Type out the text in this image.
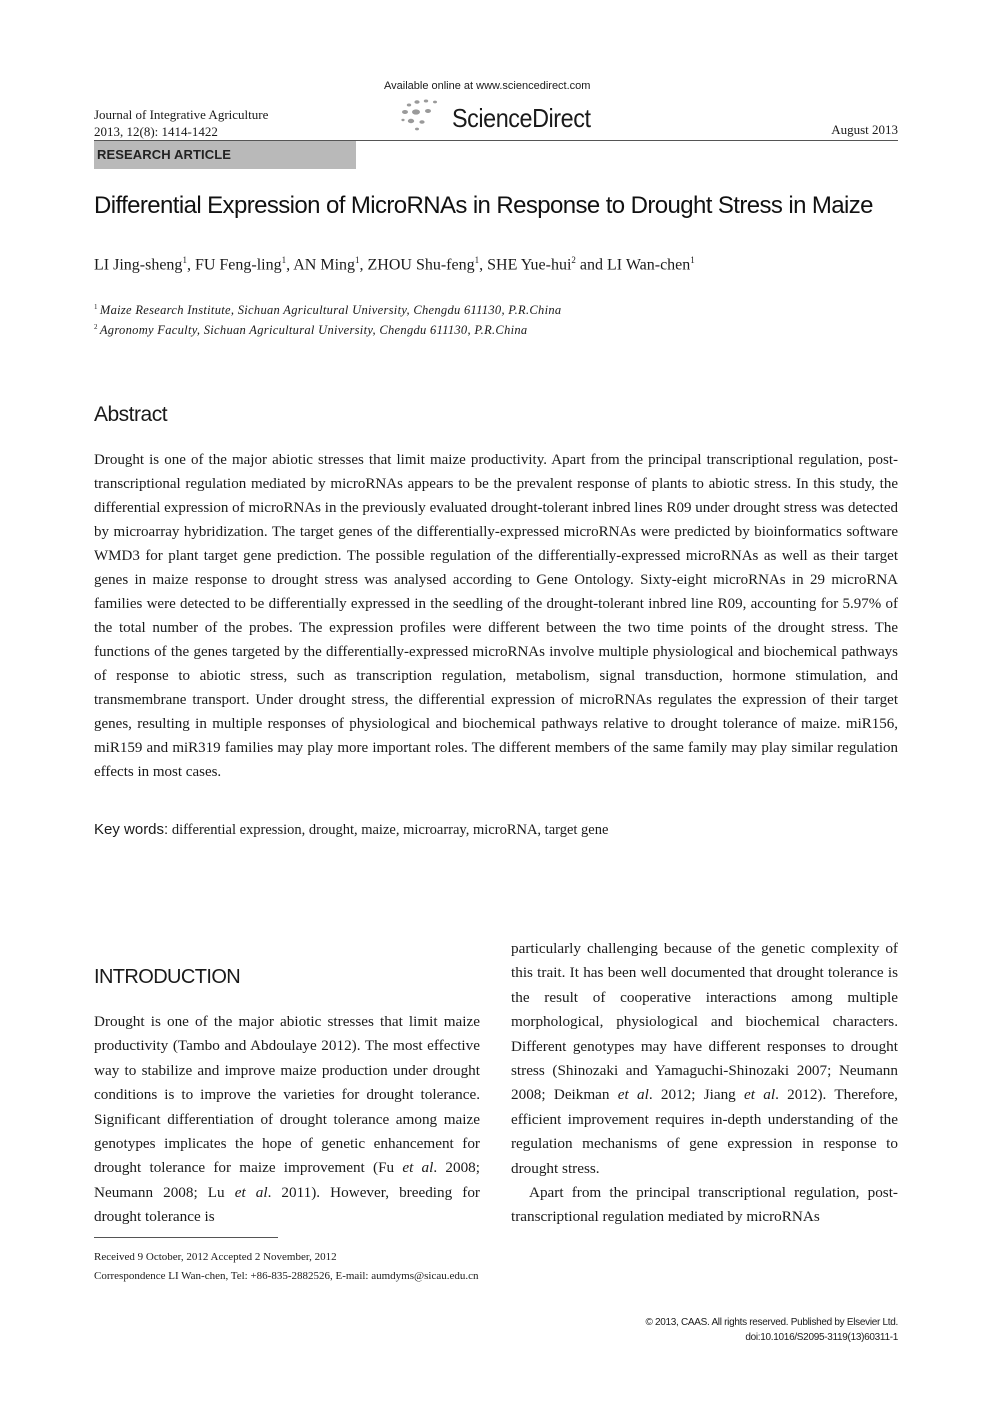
Journal of Integrative Agriculture
2013, 12(8): 1414-1422
Available online at www.sciencedirect.com
ScienceDirect	August 2013
RESEARCH ARTICLE
Differential Expression of MicroRNAs in Response to Drought Stress in Maize
LI Jing-sheng$^1$, FU Feng-ling$^1$, AN Ming$^1$, ZHOU Shu-feng$^1$, SHE Yue-hui$^2$ and LI Wan-chen$^1$
$^1$ Maize Research Institute, Sichuan Agricultural University, Chengdu 611130, P.R.China
$^2$ Agronomy Faculty, Sichuan Agricultural University, Chengdu 611130, P.R.China
Abstract
Drought is one of the major abiotic stresses that limit maize productivity. Apart from the principal transcriptional regulation, post-transcriptional regulation mediated by microRNAs appears to be the prevalent response of plants to abiotic stress. In this study, the differential expression of microRNAs in the previously evaluated drought-tolerant inbred lines R09 under drought stress was detected by microarray hybridization. The target genes of the differentially-expressed microRNAs were predicted by bioinformatics software WMD3 for plant target gene prediction. The possible regulation of the differentially-expressed microRNAs as well as their target genes in maize response to drought stress was analysed according to Gene Ontology. Sixty-eight microRNAs in 29 microRNA families were detected to be differentially expressed in the seedling of the drought-tolerant inbred line R09, accounting for 5.97% of the total number of the probes. The expression profiles were different between the two time points of the drought stress. The functions of the genes targeted by the differentially-expressed microRNAs involve multiple physiological and biochemical pathways of response to abiotic stress, such as transcription regulation, metabolism, signal transduction, hormone stimulation, and transmembrane transport. Under drought stress, the differential expression of microRNAs regulates the expression of their target genes, resulting in multiple responses of physiological and biochemical pathways relative to drought tolerance of maize. miR156, miR159 and miR319 families may play more important roles. The different members of the same family may play similar regulation effects in most cases.
Key words: differential expression, drought, maize, microarray, microRNA, target gene
INTRODUCTION
Drought is one of the major abiotic stresses that limit maize productivity (Tambo and Abdoulaye 2012). The most effective way to stabilize and improve maize production under drought conditions is to improve the varieties for drought tolerance. Significant differentiation of drought tolerance among maize genotypes implicates the hope of genetic enhancement for drought tolerance for maize improvement (Fu et al. 2008; Neumann 2008; Lu et al. 2011). However, breeding for drought tolerance is
particularly challenging because of the genetic complexity of this trait. It has been well documented that drought tolerance is the result of cooperative interactions among multiple morphological, physiological and biochemical characters. Different genotypes may have different responses to drought stress (Shinozaki and Yamaguchi-Shinozaki 2007; Neumann 2008; Deikman et al. 2012; Jiang et al. 2012). Therefore, efficient improvement requires in-depth understanding of the regulation mechanisms of gene expression in response to drought stress.
Apart from the principal transcriptional regulation, post-transcriptional regulation mediated by microRNAs
Received 9 October, 2012 Accepted 2 November, 2012
Correspondence LI Wan-chen, Tel: +86-835-2882526, E-mail: aumdyms@sicau.edu.cn
© 2013, CAAS. All rights reserved. Published by Elsevier Ltd.
doi:10.1016/S2095-3119(13)60311-1
